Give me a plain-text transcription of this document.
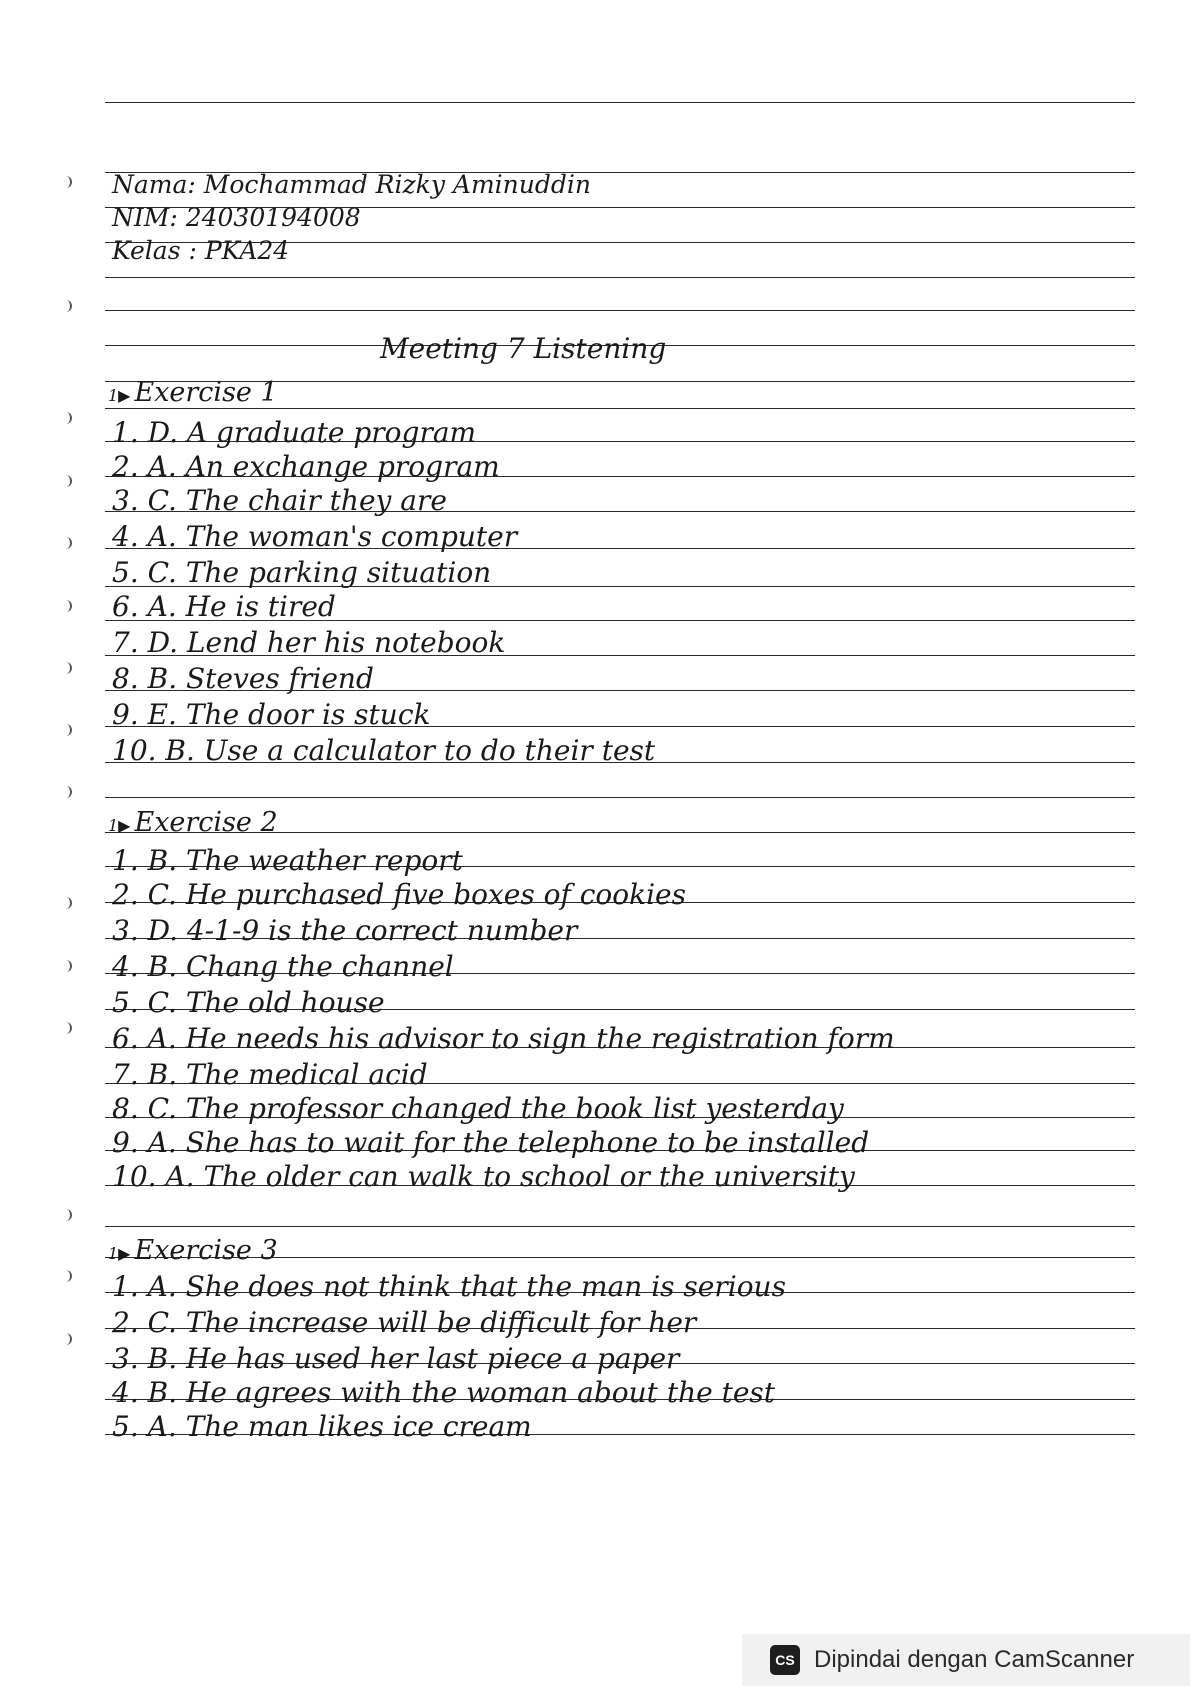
Nama: Mochammad Rizky Aminuddin
NIM: 24030194008
Kelas : PKA24
Meeting 7 Listening
1▶ Exercise 1
1. D. A graduate program
2. A. An exchange program
3. C. The chair they are
4. A. The woman's computer
5. C. The parking situation
6. A. He is tired
7. D. Lend her his notebook
8. B. Steves friend
9. E. The door is stuck
10. B. Use a calculator to do their test
1▶ Exercise 2
1. B. The weather report
2. C. He purchased five boxes of cookies
3. D. 4-1-9 is the correct number
4. B. Chang the channel
5. C. The old house
6. A. He needs his advisor to sign the registration form
7. B. The medical acid
8. C. The professor changed the book list yesterday
9. A. She has to wait for the telephone to be installed
10. A. The older can walk to school or the university
1▶ Exercise 3
1. A. She does not think that the man is serious
2. C. The increase will be difficult for her
3. B. He has used her last piece a paper
4. B. He agrees with the woman about the test
5. A. The man likes ice cream
CS Dipindai dengan CamScanner
